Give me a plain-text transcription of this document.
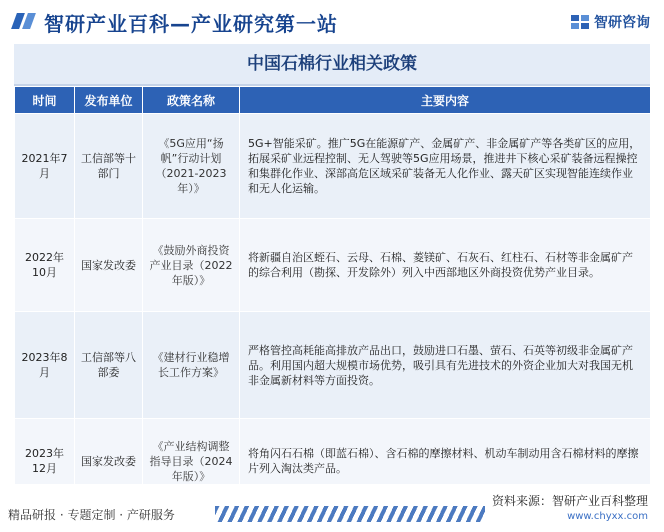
智研产业百科—产业研究第一站	智研咨询
中国石棉行业相关政策
时间	发布单位	政策名称	主要内容
2021年7月	工信部等十部门	《5G应用“扬帆”行动计划（2021-2023年）》	5G+智能采矿。推广5G在能源矿产、金属矿产、非金属矿产等各类矿区的应用，拓展采矿业远程控制、无人驾驶等5G应用场景，推进井下核心采矿装备远程操控和集群化作业、深部高危区域采矿装备无人化作业、露天矿区实现智能连续作业和无人化运输。
2022年10月	国家发改委	《鼓励外商投资产业目录（2022年版）》	将新疆自治区蛭石、云母、石棉、菱镁矿、石灰石、红柱石、石材等非金属矿产的综合利用（勘探、开发除外）列入中西部地区外商投资优势产业目录。
2023年8月	工信部等八部委	《建材行业稳增长工作方案》	严格管控高耗能高排放产品出口，鼓励进口石墨、萤石、石英等初级非金属矿产品。利用国内超大规模市场优势，吸引具有先进技术的外资企业加大对我国无机非金属新材料等方面投资。
2023年12月	国家发改委	《产业结构调整指导目录（2024年版）》	将角闪石石棉（即蓝石棉）、含石棉的摩擦材料、机动车制动用含石棉材料的摩擦片列入淘汰类产品。
精品研报 · 专题定制 · 产研服务
资料来源：智研产业百科整理
www.chyxx.com
